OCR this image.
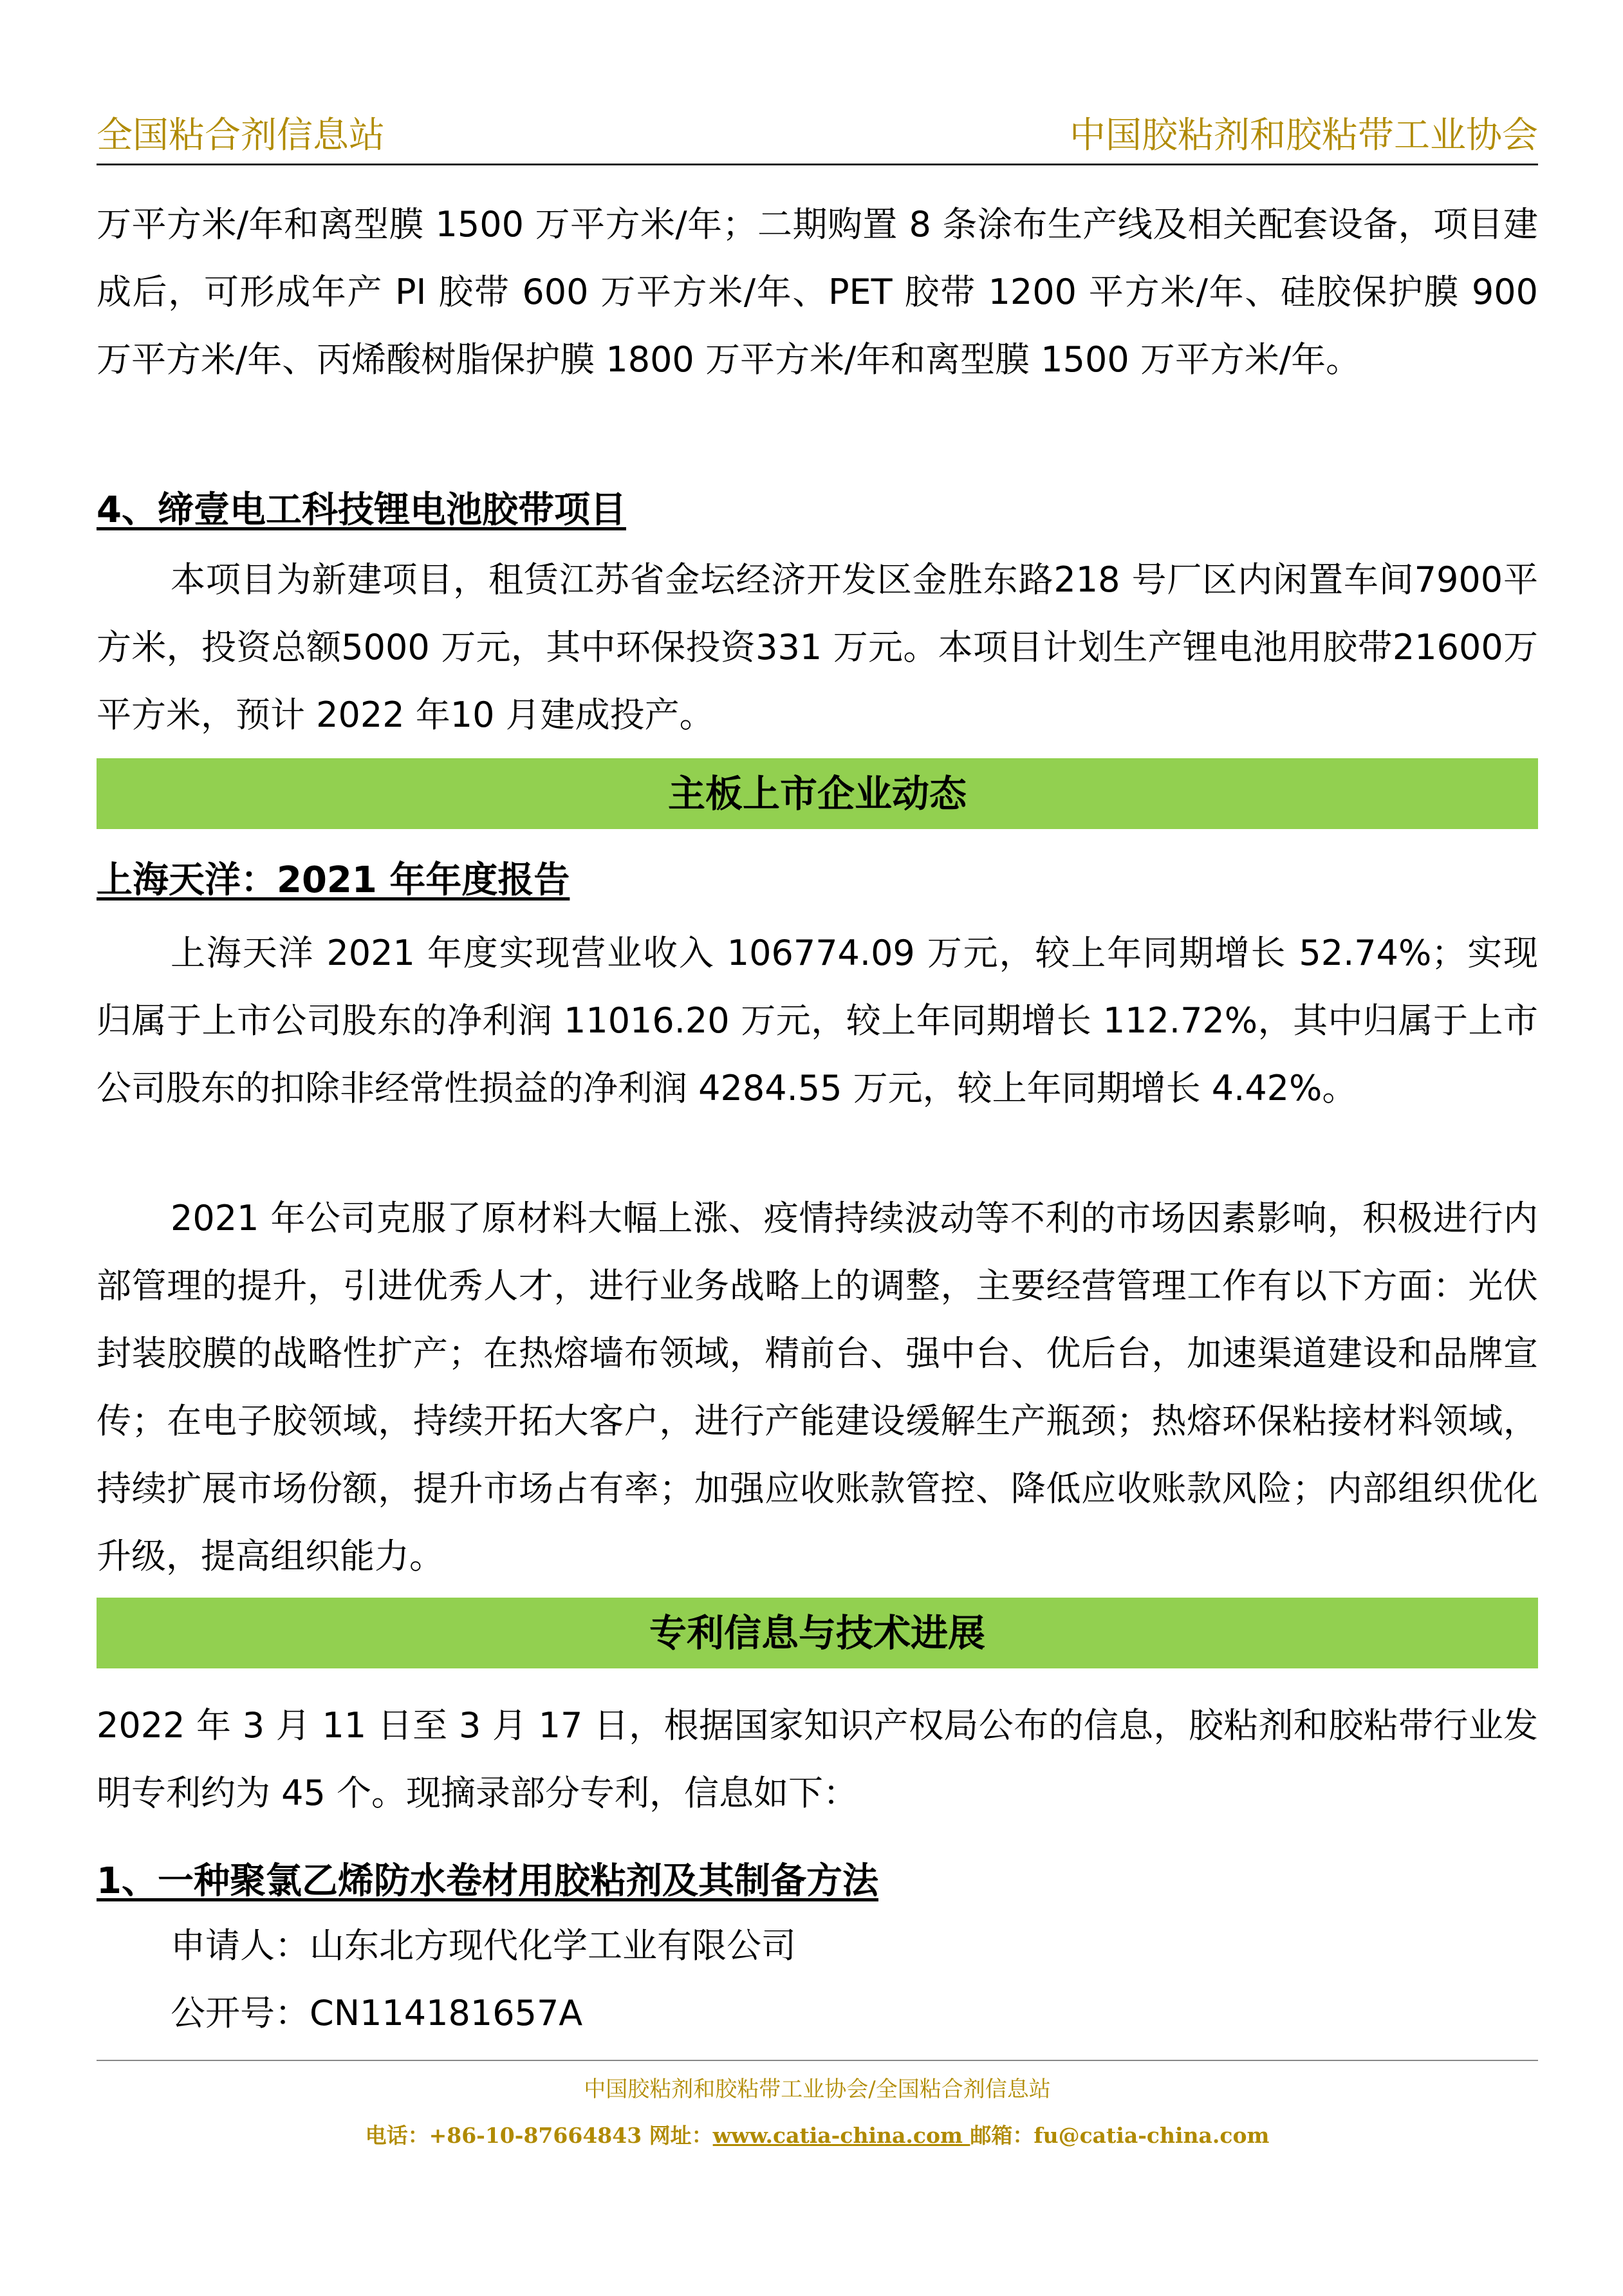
全国粘合剂信息站	中国胶粘剂和胶粘带工业协会

万平方米/年和离型膜 1500 万平方米/年；二期购置 8 条涂布生产线及相关配套设备，项目建成后，可形成年产 PI 胶带 600 万平方米/年、PET 胶带 1200 平方米/年、硅胶保护膜 900 万平方米/年、丙烯酸树脂保护膜 1800 万平方米/年和离型膜 1500 万平方米/年。

4、缔壹电工科技锂电池胶带项目

本项目为新建项目，租赁江苏省金坛经济开发区金胜东路218 号厂区内闲置车间7900平方米，投资总额5000 万元，其中环保投资331 万元。本项目计划生产锂电池用胶带21600万平方米，预计 2022 年10 月建成投产。

主板上市企业动态
上海天洋：2021 年年度报告

上海天洋 2021 年度实现营业收入 106774.09 万元，较上年同期增长 52.74%；实现归属于上市公司股东的净利润 11016.20 万元，较上年同期增长 112.72%，其中归属于上市公司股东的扣除非经常性损益的净利润 4284.55 万元，较上年同期增长 4.42%。

2021 年公司克服了原材料大幅上涨、疫情持续波动等不利的市场因素影响，积极进行内部管理的提升，引进优秀人才，进行业务战略上的调整，主要经营管理工作有以下方面：光伏封装胶膜的战略性扩产；在热熔墙布领域，精前台、强中台、优后台，加速渠道建设和品牌宣传；在电子胶领域，持续开拓大客户，进行产能建设缓解生产瓶颈；热熔环保粘接材料领域，持续扩展市场份额，提升市场占有率；加强应收账款管控、降低应收账款风险；内部组织优化升级，提高组织能力。

专利信息与技术进展

2022 年 3 月 11 日至 3 月 17 日，根据国家知识产权局公布的信息，胶粘剂和胶粘带行业发明专利约为 45 个。现摘录部分专利，信息如下：

1、一种聚氯乙烯防水卷材用胶粘剂及其制备方法
申请人：山东北方现代化学工业有限公司
公开号：CN114181657A
中国胶粘剂和胶粘带工业协会/全国粘合剂信息站
电话：+86-10-87664843 网址：www.catia-china.com 邮箱：fu@catia-china.com
